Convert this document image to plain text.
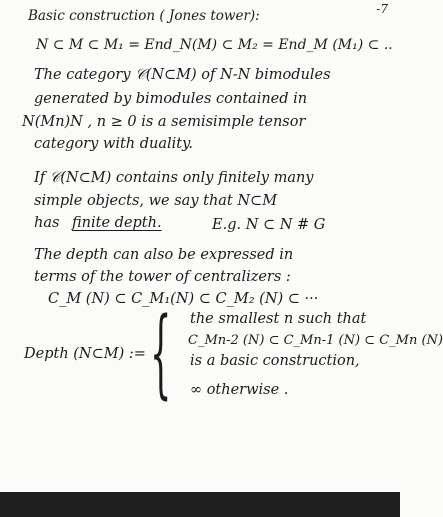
-7
Basic construction ( Jones tower):
N ⊂ M ⊂ M₁ = End_N(M) ⊂ M₂ = End_M (M₁) ⊂ ..
The category 𝒞(N⊂M) of N-N bimodules
generated by bimodules contained in
N(Mn)N , n ≥ 0 is a semisimple tensor
category with duality.
If 𝒞(N⊂M) contains only finitely many
simple objects, we say that N⊂M
has finite depth.	E.g. N ⊂ N # G
The depth can also be expressed in
terms of the tower of centralizers :
C_M (N) ⊂ C_M₁(N) ⊂ C_M₂ (N) ⊂ ···
{ the smallest n such that
Depth (N⊂M) :=
C_Mn-2 (N) ⊂ C_Mn-1 (N) ⊂ C_Mn (N)
is a basic construction,
∞ otherwise .
